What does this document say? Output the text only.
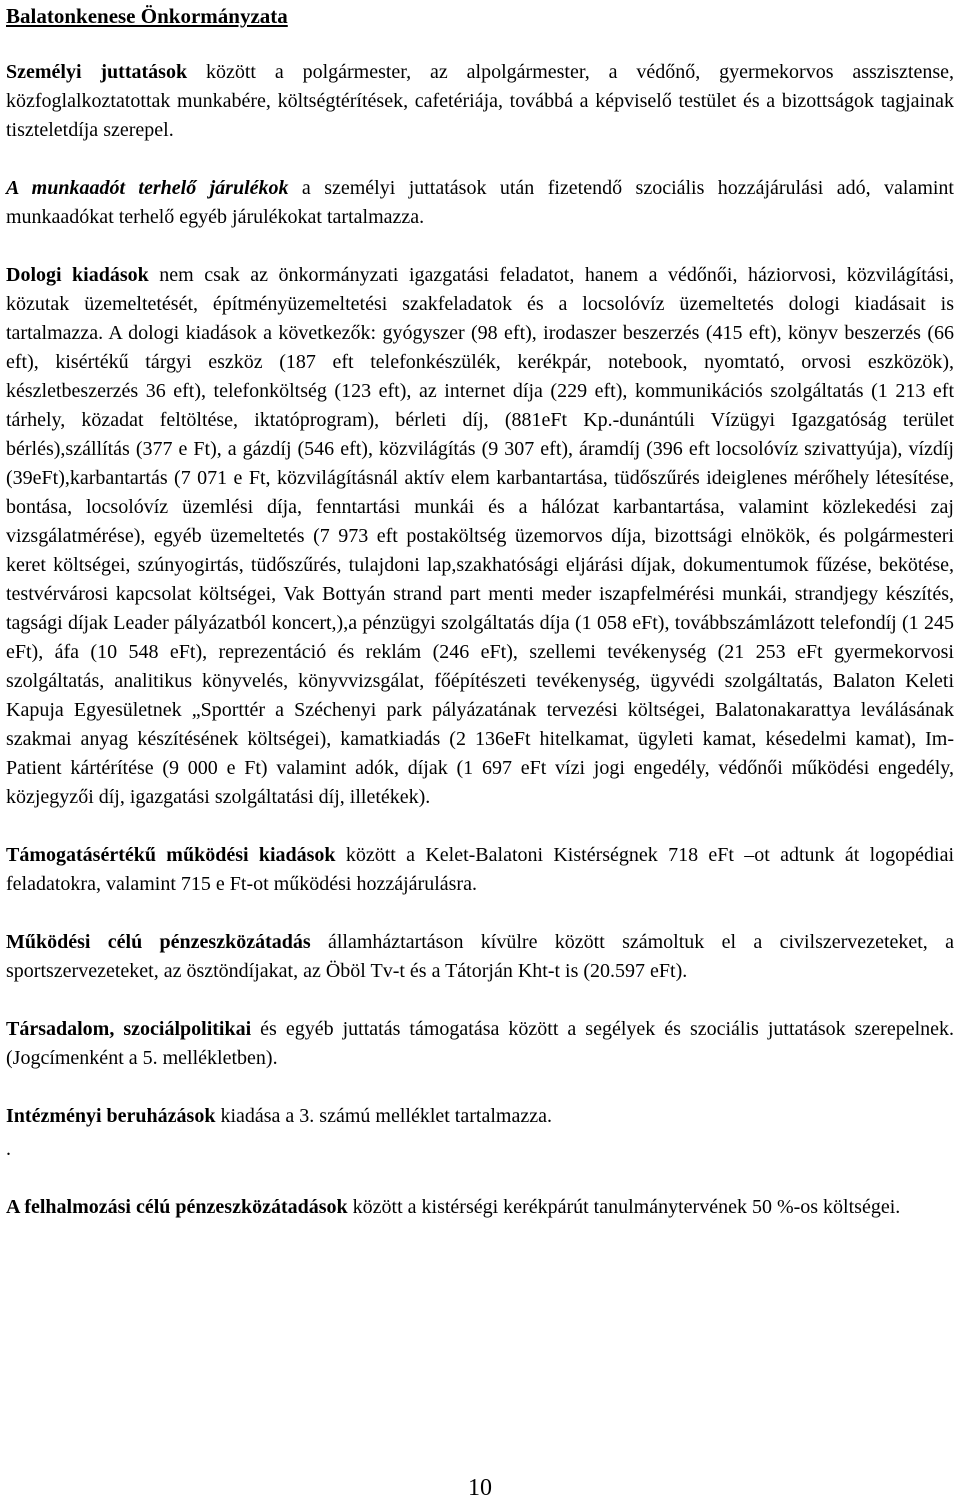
Balatonkenese Önkormányzata

Személyi juttatások között a polgármester, az alpolgármester, a védőnő, gyermekorvos asszisztense, közfoglalkoztatottak munkabére, költségtérítések, cafetériája, továbbá a képviselő testület és a bizottságok tagjainak tiszteletdíja szerepel.

A munkaadót terhelő járulékok a személyi juttatások után fizetendő szociális hozzájárulási adó, valamint munkaadókat terhelő egyéb járulékokat tartalmazza.

Dologi kiadások nem csak az önkormányzati igazgatási feladatot, hanem a védőnői, háziorvosi, közvilágítási, közutak üzemeltetését, építményüzemeltetési szakfeladatok és a locsolóvíz üzemeltetés dologi kiadásait is tartalmazza. A dologi kiadások a következők: gyógyszer (98 eft), irodaszer beszerzés (415 eft), könyv beszerzés (66 eft), kisértékű tárgyi eszköz (187 eft telefonkészülék, kerékpár, notebook, nyomtató, orvosi eszközök), készletbeszerzés 36 eft), telefonköltség (123 eft), az internet díja (229 eft), kommunikációs szolgáltatás (1 213 eft tárhely, közadat feltöltése, iktatóprogram), bérleti díj, (881eFt Kp.-dunántúli Vízügyi Igazgatóság terület bérlés),szállítás (377 e Ft), a gázdíj (546 eft), közvilágítás (9 307 eft), áramdíj (396 eft locsolóvíz szivattyúja), vízdíj (39eFt),karbantartás (7 071 e Ft, közvilágításnál aktív elem karbantartása, tüdőszűrés ideiglenes mérőhely létesítése, bontása, locsolóvíz üzemlési díja, fenntartási munkái és a hálózat karbantartása, valamint közlekedési zaj vizsgálatmérése), egyéb üzemeltetés (7 973 eft postaköltség üzemorvos díja, bizottsági elnökök, és polgármesteri keret költségei, szúnyogirtás, tüdőszűrés, tulajdoni lap,szakhatósági eljárási díjak, dokumentumok fűzése, bekötése, testvérvárosi kapcsolat költségei, Vak Bottyán strand part menti meder iszapfelmérési munkái, strandjegy készítés, tagsági díjak Leader pályázatból koncert,),a pénzügyi szolgáltatás díja (1 058 eFt), továbbszámlázott telefondíj (1 245 eFt), áfa (10 548 eFt), reprezentáció és reklám (246 eFt), szellemi tevékenység (21 253 eFt gyermekorvosi szolgáltatás, analitikus könyvelés, könyvvizsgálat, főépítészeti tevékenység, ügyvédi szolgáltatás, Balaton Keleti Kapuja Egyesületnek „Sporttér a Széchenyi park pályázatának tervezési költségei, Balatonakarattya leválásának szakmai anyag készítésének költségei), kamatkiadás (2 136eFt hitelkamat, ügyleti kamat, késedelmi kamat), Im-Patient kártérítése (9 000 e Ft) valamint adók, díjak (1 697 eFt vízi jogi engedély, védőnői működési engedély, közjegyzői díj, igazgatási szolgáltatási díj, illetékek).

Támogatásértékű működési kiadások között a Kelet-Balatoni Kistérségnek 718 eFt –ot adtunk át logopédiai feladatokra, valamint 715 e Ft-ot működési hozzájárulásra.

Működési célú pénzeszközátadás államháztartáson kívülre között számoltuk el a civilszervezeteket, a sportszervezeteket, az ösztöndíjakat, az Öböl Tv-t és a Tátorján Kht-t is (20.597 eFt).

Társadalom, szociálpolitikai és egyéb juttatás támogatása között a segélyek és szociális juttatások szerepelnek. (Jogcímenként a 5. mellékletben).

Intézményi beruházások kiadása a 3. számú melléklet tartalmazza.

.

A felhalmozási célú pénzeszközátadások között a kistérségi kerékpárút tanulmánytervének 50 %-os költségei.

10
